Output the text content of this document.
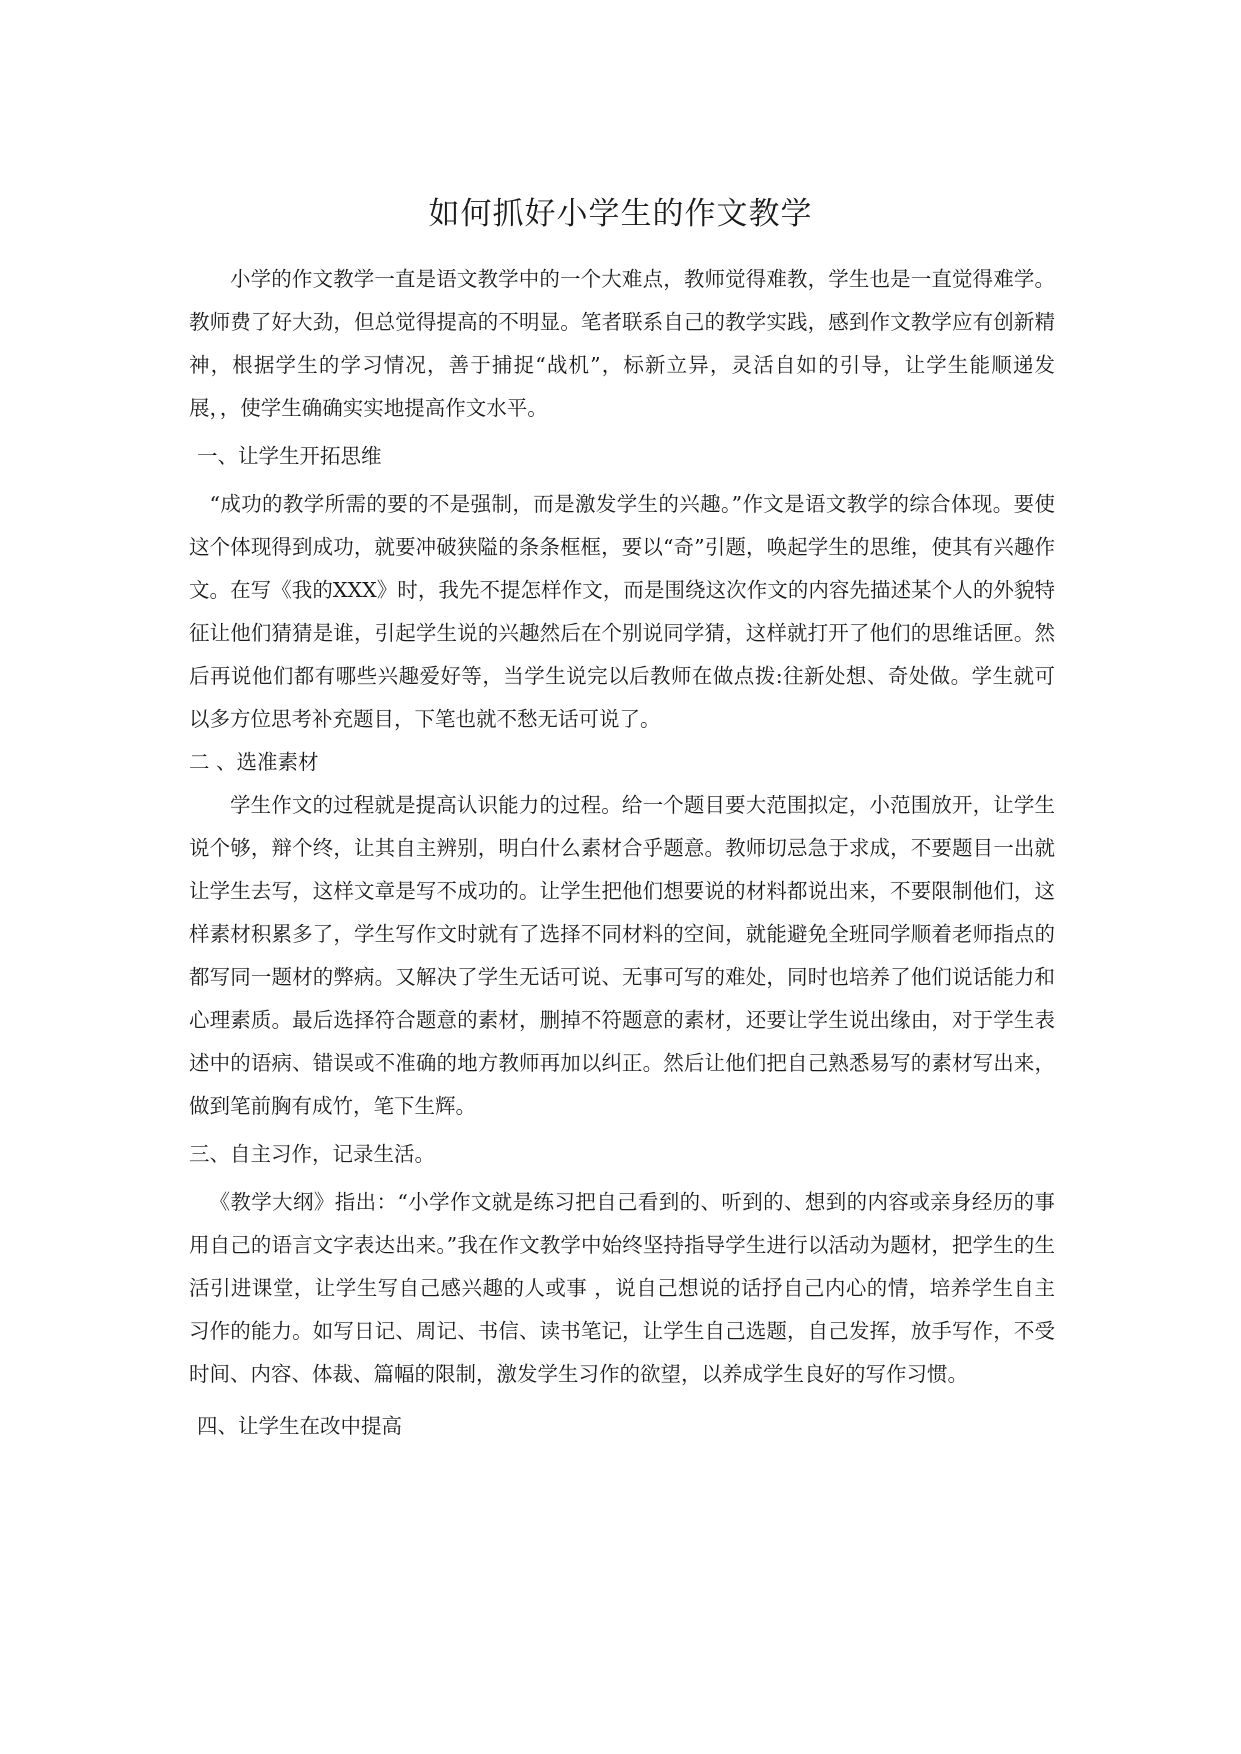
如何抓好小学生的作文教学

小学的作文教学一直是语文教学中的一个大难点，教师觉得难教，学生也是一直觉得难学。教师费了好大劲，但总觉得提高的不明显。笔者联系自己的教学实践，感到作文教学应有创新精神，根据学生的学习情况，善于捕捉“战机”，标新立异，灵活自如的引导，让学生能顺递发展，，使学生确确实实地提高作文水平。

一、让学生开拓思维

“成功的教学所需的要的不是强制，而是激发学生的兴趣。”作文是语文教学的综合体现。要使这个体现得到成功，就要冲破狭隘的条条框框，要以“奇”引题，唤起学生的思维，使其有兴趣作文。在写《我的XXX》时，我先不提怎样作文，而是围绕这次作文的内容先描述某个人的外貌特征让他们猜猜是谁，引起学生说的兴趣然后在个别说同学猜，这样就打开了他们的思维话匣。然后再说他们都有哪些兴趣爱好等，当学生说完以后教师在做点拨:往新处想、奇处做。学生就可以多方位思考补充题目，下笔也就不愁无话可说了。

二 、选准素材

学生作文的过程就是提高认识能力的过程。给一个题目要大范围拟定，小范围放开，让学生说个够，辩个终，让其自主辨别，明白什么素材合乎题意。教师切忌急于求成，不要题目一出就让学生去写，这样文章是写不成功的。让学生把他们想要说的材料都说出来，不要限制他们，这样素材积累多了，学生写作文时就有了选择不同材料的空间，就能避免全班同学顺着老师指点的都写同一题材的弊病。又解决了学生无话可说、无事可写的难处，同时也培养了他们说话能力和心理素质。最后选择符合题意的素材，删掉不符题意的素材，还要让学生说出缘由，对于学生表述中的语病、错误或不准确的地方教师再加以纠正。然后让他们把自己熟悉易写的素材写出来，做到笔前胸有成竹，笔下生辉。

三、自主习作，记录生活。

《教学大纲》指出：“小学作文就是练习把自己看到的、听到的、想到的内容或亲身经历的事用自己的语言文字表达出来。”我在作文教学中始终坚持指导学生进行以活动为题材，把学生的生活引进课堂，让学生写自己感兴趣的人或事 ，说自己想说的话抒自己内心的情，培养学生自主习作的能力。如写日记、周记、书信、读书笔记，让学生自己选题，自己发挥，放手写作，不受时间、内容、体裁、篇幅的限制，激发学生习作的欲望，以养成学生良好的写作习惯。

四、让学生在改中提高
